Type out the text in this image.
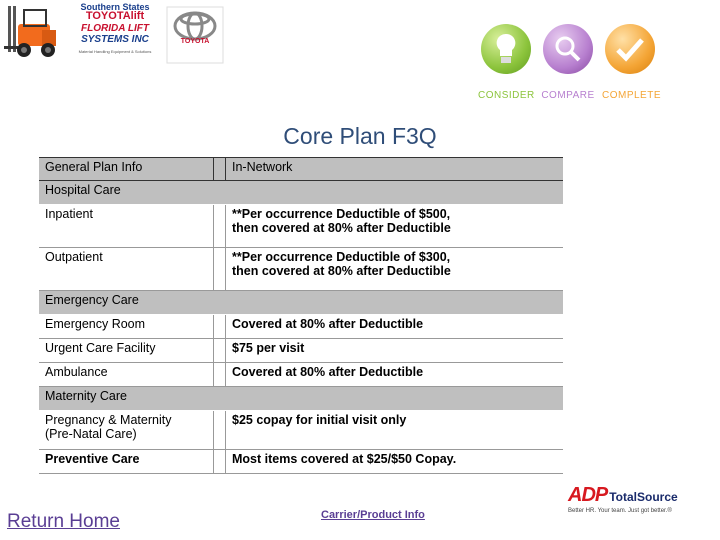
Southern States
TOYOTAlift
FLORIDA LIFT
SYSTEMS INC
Material Handling Equipment & Solutions
TOYOTA
CONSIDER COMPARE COMPLETE
Core Plan F3Q
General Plan Info		In-Network
Hospital Care		
Inpatient		**Per occurrence Deductible of $500,
then covered at 80% after Deductible
Outpatient		**Per occurrence Deductible of $300,
then covered at 80% after Deductible
Emergency Care		
Emergency Room		Covered at 80% after Deductible
Urgent Care Facility		$75 per visit
Ambulance		Covered at 80% after Deductible
Maternity Care		
Pregnancy & Maternity
(Pre-Natal Care)		$25 copay for initial visit only
Preventive Care		Most items covered at $25/$50 Copay.
Return Home	Carrier/Product Info
ADP TotalSource
Better HR. Your team. Just got better.®
